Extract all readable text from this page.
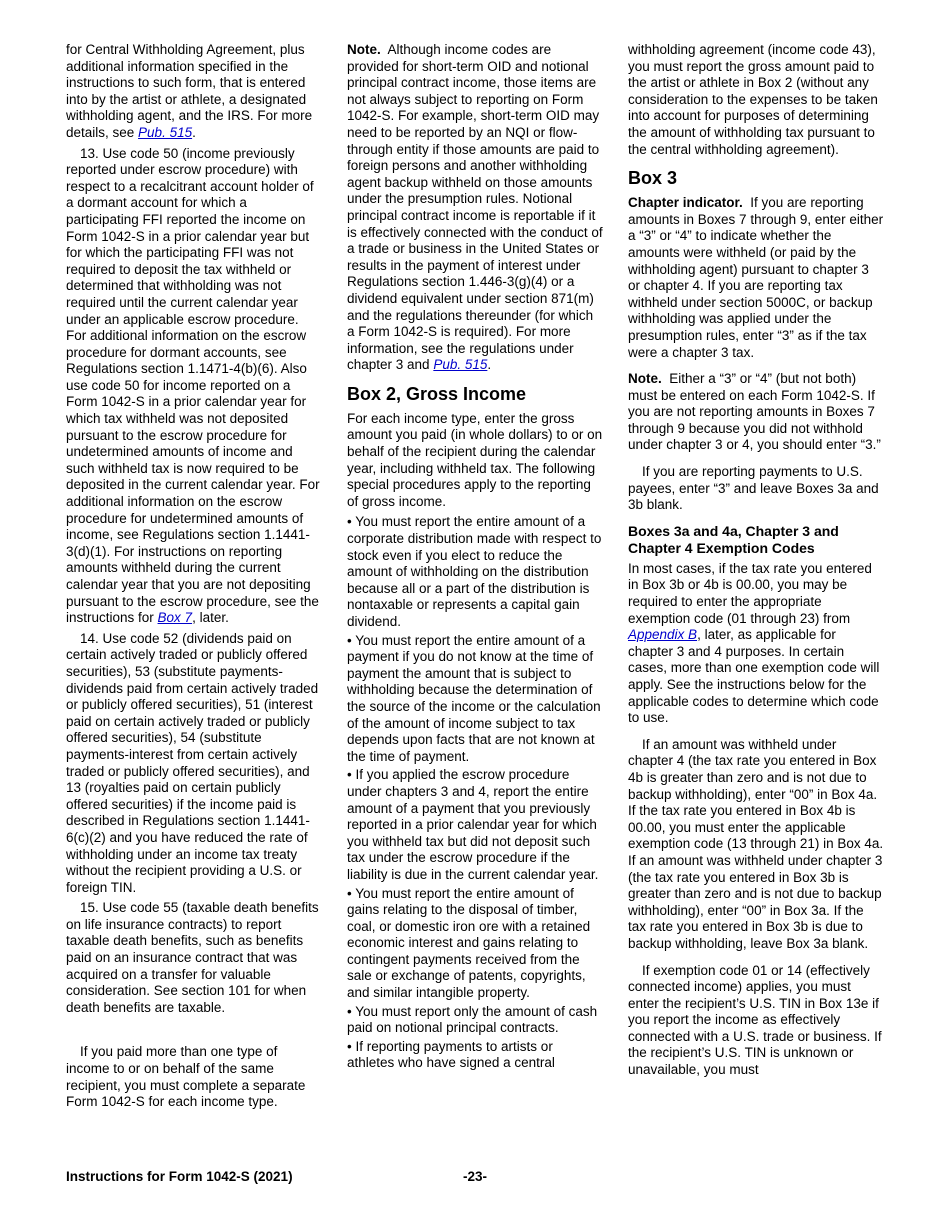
for Central Withholding Agreement, plus additional information specified in the instructions to such form, that is entered into by the artist or athlete, a designated withholding agent, and the IRS. For more details, see Pub. 515.

13. Use code 50 (income previously reported under escrow procedure) with respect to a recalcitrant account holder of a dormant account for which a participating FFI reported the income on Form 1042-S in a prior calendar year but for which the participating FFI was not required to deposit the tax withheld or determined that withholding was not required until the current calendar year under an applicable escrow procedure. For additional information on the escrow procedure for dormant accounts, see Regulations section 1.1471-4(b)(6). Also use code 50 for income reported on a Form 1042-S in a prior calendar year for which tax withheld was not deposited pursuant to the escrow procedure for undetermined amounts of income and such withheld tax is now required to be deposited in the current calendar year. For additional information on the escrow procedure for undetermined amounts of income, see Regulations section 1.1441-3(d)(1). For instructions on reporting amounts withheld during the current calendar year that you are not depositing pursuant to the escrow procedure, see the instructions for Box 7, later.

14. Use code 52 (dividends paid on certain actively traded or publicly offered securities), 53 (substitute payments-dividends paid from certain actively traded or publicly offered securities), 51 (interest paid on certain actively traded or publicly offered securities), 54 (substitute payments-interest from certain actively traded or publicly offered securities), and 13 (royalties paid on certain publicly offered securities) if the income paid is described in Regulations section 1.1441-6(c)(2) and you have reduced the rate of withholding under an income tax treaty without the recipient providing a U.S. or foreign TIN.

15. Use code 55 (taxable death benefits on life insurance contracts) to report taxable death benefits, such as benefits paid on an insurance contract that was acquired on a transfer for valuable consideration. See section 101 for when death benefits are taxable.

If you paid more than one type of income to or on behalf of the same recipient, you must complete a separate Form 1042-S for each income type.

Note.  Although income codes are provided for short-term OID and notional principal contract income, those items are not always subject to reporting on Form 1042-S. For example, short-term OID may need to be reported by an NQI or flow-through entity if those amounts are paid to foreign persons and another withholding agent backup withheld on those amounts under the presumption rules. Notional principal contract income is reportable if it is effectively connected with the conduct of a trade or business in the United States or results in the payment of interest under Regulations section 1.446-3(g)(4) or a dividend equivalent under section 871(m) and the regulations thereunder (for which a Form 1042-S is required). For more information, see the regulations under chapter 3 and Pub. 515.

Box 2, Gross Income

For each income type, enter the gross amount you paid (in whole dollars) to or on behalf of the recipient during the calendar year, including withheld tax. The following special procedures apply to the reporting of gross income.

• You must report the entire amount of a corporate distribution made with respect to stock even if you elect to reduce the amount of withholding on the distribution because all or a part of the distribution is nontaxable or represents a capital gain dividend.

• You must report the entire amount of a payment if you do not know at the time of payment the amount that is subject to withholding because the determination of the source of the income or the calculation of the amount of income subject to tax depends upon facts that are not known at the time of payment.

• If you applied the escrow procedure under chapters 3 and 4, report the entire amount of a payment that you previously reported in a prior calendar year for which you withheld tax but did not deposit such tax under the escrow procedure if the liability is due in the current calendar year.

• You must report the entire amount of gains relating to the disposal of timber, coal, or domestic iron ore with a retained economic interest and gains relating to contingent payments received from the sale or exchange of patents, copyrights, and similar intangible property.

• You must report only the amount of cash paid on notional principal contracts.

• If reporting payments to artists or athletes who have signed a central

withholding agreement (income code 43), you must report the gross amount paid to the artist or athlete in Box 2 (without any consideration to the expenses to be taken into account for purposes of determining the amount of withholding tax pursuant to the central withholding agreement).

Box 3

Chapter indicator.  If you are reporting amounts in Boxes 7 through 9, enter either a “3” or “4” to indicate whether the amounts were withheld (or paid by the withholding agent) pursuant to chapter 3 or chapter 4. If you are reporting tax withheld under section 5000C, or backup withholding was applied under the presumption rules, enter “3” as if the tax were a chapter 3 tax.

Note.  Either a “3” or “4” (but not both) must be entered on each Form 1042-S. If you are not reporting amounts in Boxes 7 through 9 because you did not withhold under chapter 3 or 4, you should enter “3.”

If you are reporting payments to U.S. payees, enter “3” and leave Boxes 3a and 3b blank.

Boxes 3a and 4a, Chapter 3 and Chapter 4 Exemption Codes

In most cases, if the tax rate you entered in Box 3b or 4b is 00.00, you may be required to enter the appropriate exemption code (01 through 23) from Appendix B, later, as applicable for chapter 3 and 4 purposes. In certain cases, more than one exemption code will apply. See the instructions below for the applicable codes to determine which code to use.

If an amount was withheld under chapter 4 (the tax rate you entered in Box 4b is greater than zero and is not due to backup withholding), enter “00” in Box 4a. If the tax rate you entered in Box 4b is 00.00, you must enter the applicable exemption code (13 through 21) in Box 4a. If an amount was withheld under chapter 3 (the tax rate you entered in Box 3b is greater than zero and is not due to backup withholding), enter “00” in Box 3a. If the tax rate you entered in Box 3b is due to backup withholding, leave Box 3a blank.

If exemption code 01 or 14 (effectively connected income) applies, you must enter the recipient’s U.S. TIN in Box 13e if you report the income as effectively connected with a U.S. trade or business. If the recipient’s U.S. TIN is unknown or unavailable, you must

Instructions for Form 1042-S (2021)	-23-
